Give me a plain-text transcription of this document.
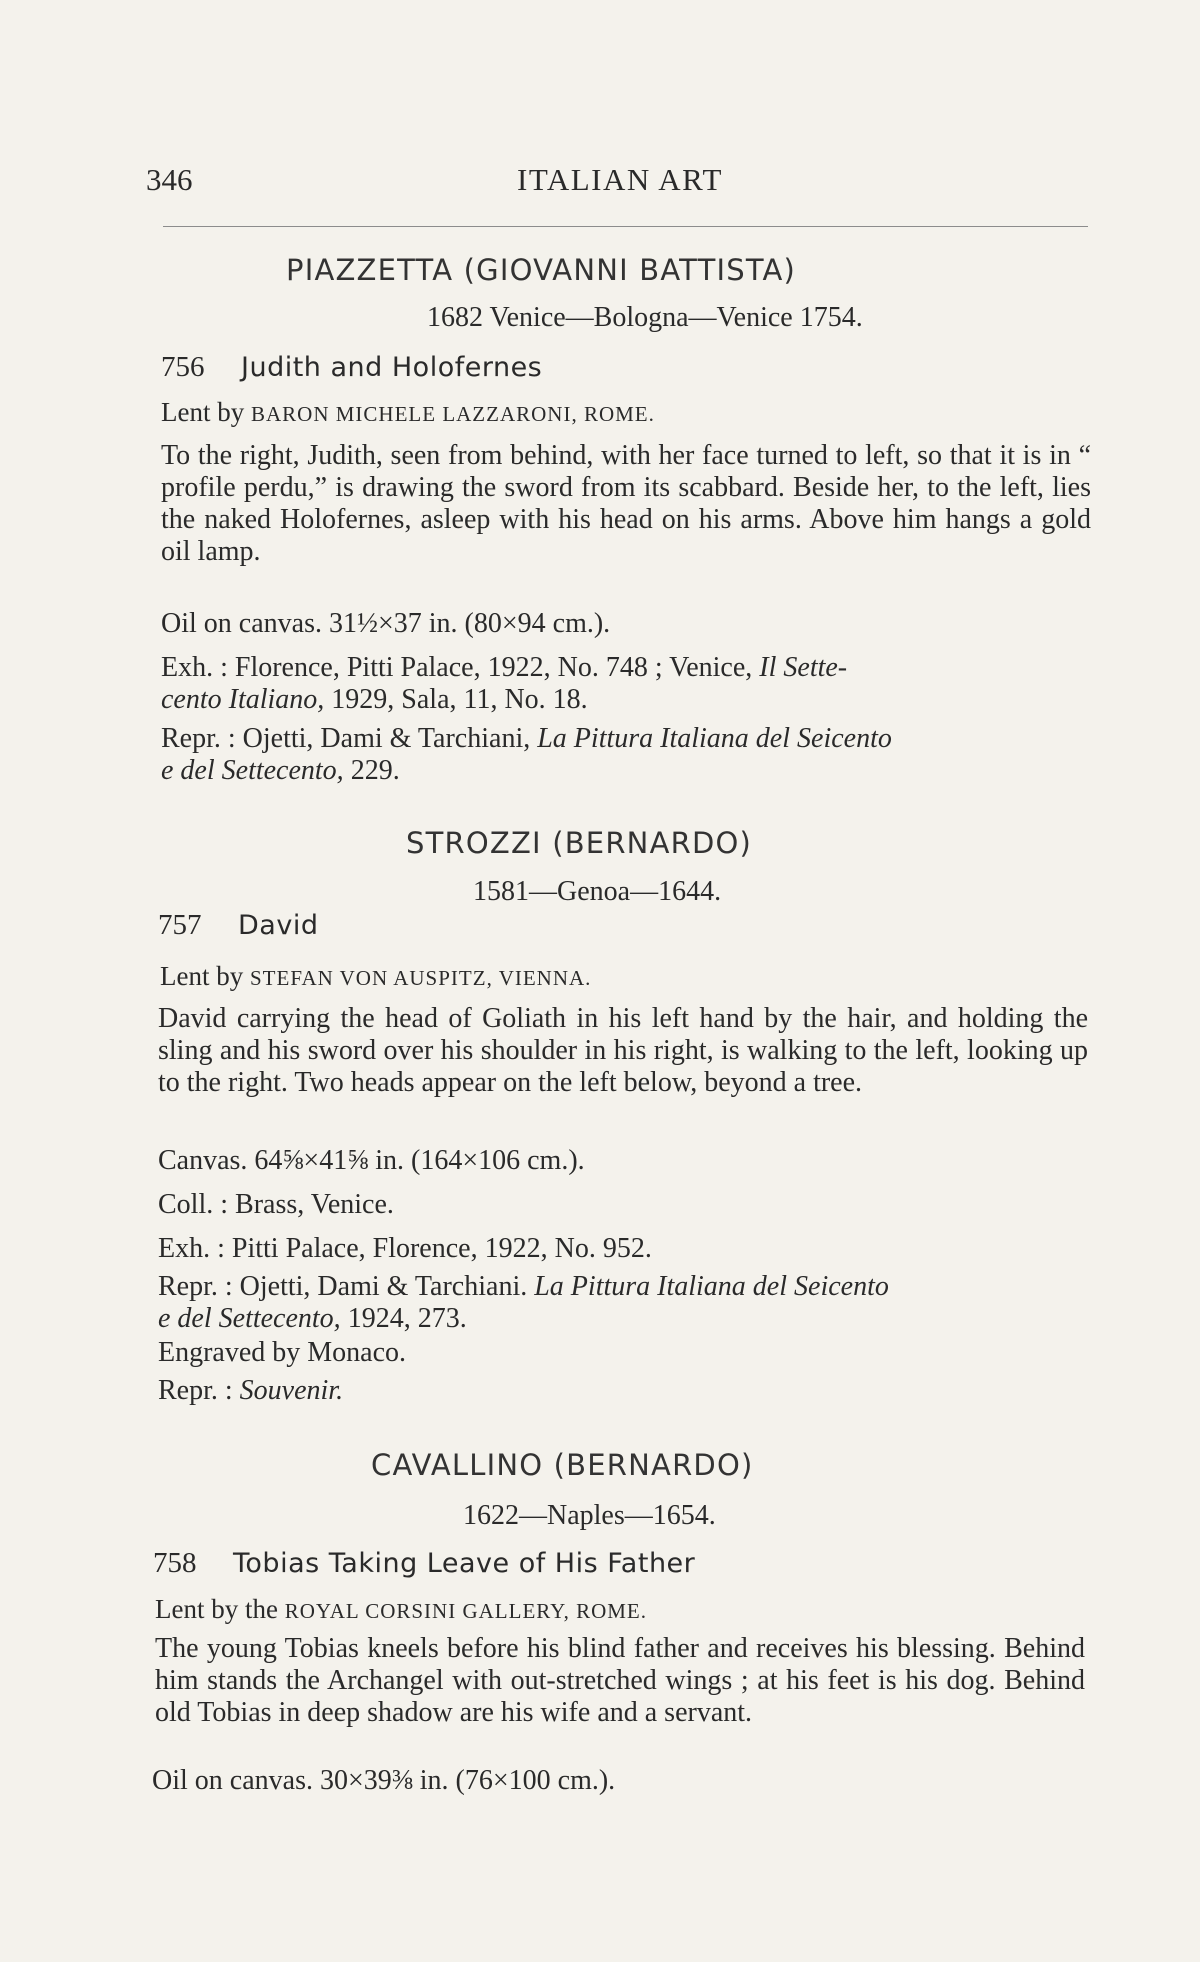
346	ITALIAN ART
PIAZZETTA (GIOVANNI BATTISTA)
1682 Venice—Bologna—Venice 1754.
756 Judith and Holofernes
Lent by BARON MICHELE LAZZARONI, ROME.
To the right, Judith, seen from behind, with her face turned to left, so that it is in “ profile perdu,” is drawing the sword from its scabbard. Beside her, to the left, lies the naked Holofernes, asleep with his head on his arms. Above him hangs a gold oil lamp.
Oil on canvas. 31½×37 in. (80×94 cm.).
Exh. : Florence, Pitti Palace, 1922, No. 748 ; Venice, Il Sette-
cento Italiano, 1929, Sala, 11, No. 18.
Repr. : Ojetti, Dami & Tarchiani, La Pittura Italiana del Seicento
e del Settecento, 229.
STROZZI (BERNARDO)
1581—Genoa—1644.
757 David
Lent by STEFAN VON AUSPITZ, VIENNA.
David carrying the head of Goliath in his left hand by the hair, and holding the sling and his sword over his shoulder in his right, is walking to the left, looking up to the right. Two heads appear on the left below, beyond a tree.
Canvas. 64⅝×41⅝ in. (164×106 cm.).
Coll. : Brass, Venice.
Exh. : Pitti Palace, Florence, 1922, No. 952.
Repr. : Ojetti, Dami & Tarchiani. La Pittura Italiana del Seicento
e del Settecento, 1924, 273.
Engraved by Monaco.
Repr. : Souvenir.
CAVALLINO (BERNARDO)
1622—Naples—1654.
758 Tobias Taking Leave of His Father
Lent by the ROYAL CORSINI GALLERY, ROME.
The young Tobias kneels before his blind father and receives his blessing. Behind him stands the Archangel with out-stretched wings ; at his feet is his dog. Behind old Tobias in deep shadow are his wife and a servant.
Oil on canvas. 30×39⅜ in. (76×100 cm.).
